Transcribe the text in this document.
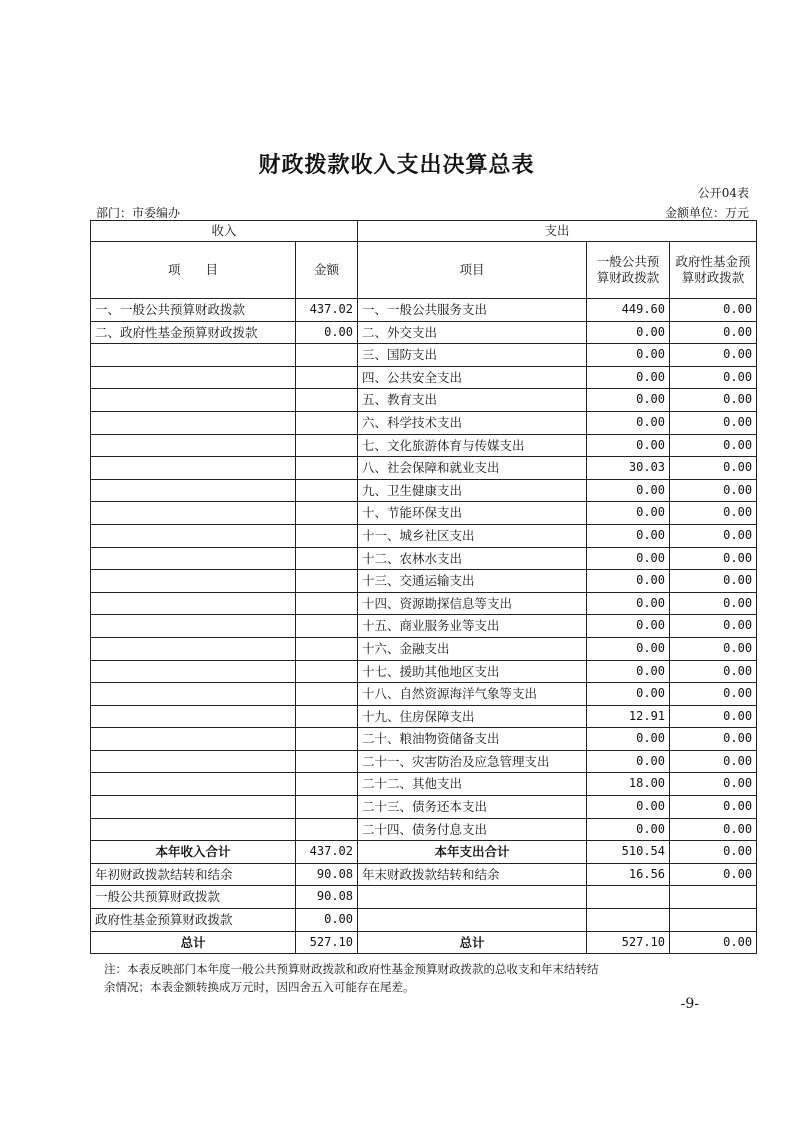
财政拨款收入支出决算总表
公开04表
部门：市委编办	金额单位：万元
收入		支出		
项　　目	金额	项目	一般公共预算财政拨款	政府性基金预算财政拨款
一、一般公共预算财政拨款	437.02	一、一般公共服务支出	449.60	0.00
二、政府性基金预算财政拨款	0.00	二、外交支出	0.00	0.00
		三、国防支出	0.00	0.00
		四、公共安全支出	0.00	0.00
		五、教育支出	0.00	0.00
		六、科学技术支出	0.00	0.00
		七、文化旅游体育与传媒支出	0.00	0.00
		八、社会保障和就业支出	30.03	0.00
		九、卫生健康支出	0.00	0.00
		十、节能环保支出	0.00	0.00
		十一、城乡社区支出	0.00	0.00
		十二、农林水支出	0.00	0.00
		十三、交通运输支出	0.00	0.00
		十四、资源勘探信息等支出	0.00	0.00
		十五、商业服务业等支出	0.00	0.00
		十六、金融支出	0.00	0.00
		十七、援助其他地区支出	0.00	0.00
		十八、自然资源海洋气象等支出	0.00	0.00
		十九、住房保障支出	12.91	0.00
		二十、粮油物资储备支出	0.00	0.00
		二十一、灾害防治及应急管理支出	0.00	0.00
		二十二、其他支出	18.00	0.00
		二十三、债务还本支出	0.00	0.00
		二十四、债务付息支出	0.00	0.00
本年收入合计	437.02	本年支出合计	510.54	0.00
年初财政拨款结转和结余	90.08	年末财政拨款结转和结余	16.56	0.00
一般公共预算财政拨款	90.08			
政府性基金预算财政拨款	0.00			
总计	527.10	总计	527.10	0.00
注：本表反映部门本年度一般公共预算财政拨款和政府性基金预算财政拨款的总收支和年末结转结
余情况；本表金额转换成万元时，因四舍五入可能存在尾差。
-9-
